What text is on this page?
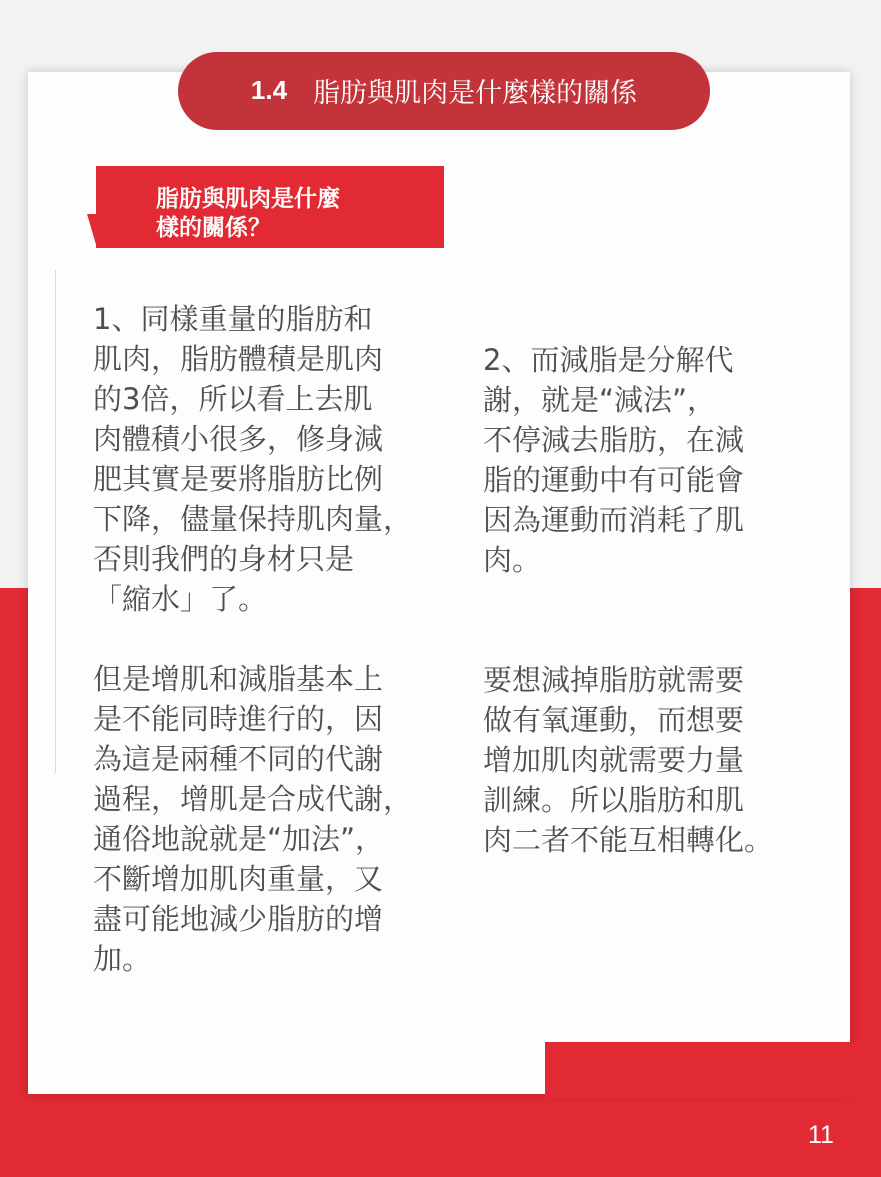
1.4 脂肪與肌肉是什麼樣的關係
脂肪與肌肉是什麼
樣的關係？

1、同樣重量的脂肪和
肌肉，脂肪體積是肌肉
的3倍，所以看上去肌
肉體積小很多，修身減
肥其實是要將脂肪比例
下降，儘量保持肌肉量，
否則我們的身材只是
「縮水」了。

2、而減脂是分解代
謝，就是“減法”，
不停減去脂肪，在減
脂的運動中有可能會
因為運動而消耗了肌
肉。

但是增肌和減脂基本上
是不能同時進行的，因
為這是兩種不同的代謝
過程，增肌是合成代謝，
通俗地說就是“加法”，
不斷增加肌肉重量，又
盡可能地減少脂肪的增
加。

要想減掉脂肪就需要
做有氧運動，而想要
增加肌肉就需要力量
訓練。所以脂肪和肌
肉二者不能互相轉化。

11
